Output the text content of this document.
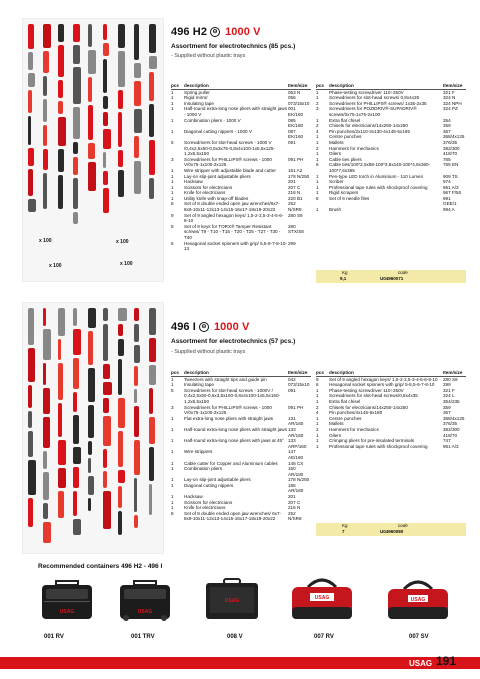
496 H2 ⊖ 1000 V
Assortment for electrotechnics (85 pcs.)
- Supplied without plastic trays
pcs	description	Item/size
1	Spring puller	053 N
1	Rigid mirror	056
1	Insulating tape	073/15x10
1	Half-round extra-long nose pliers with straight jaws - 1000 V	001 EK/160
1	Combination pliers - 1000 V	085 EK/180
1	Diagonal cutting nippers - 1000 V	087 EK/160
5	Screwdrivers for slot-head screws - 1000 V /0,4x2,5x50-0,5x3x75-0,8x4x100-1x5,5x125-1,2x6,5x150	091
3	Screwdrivers for PHILLIPS® screws - 1000 V/0x75-1x100-2x125	091 PH
1	Wire stripper with adjustable blade and cutter	161 A2
1	Lay-on slip-joint adjustable pliers	178 N/250
1	Hacksaw	201
1	Scissors for electricians	207 C
1	Knife for electricians	216 N
1	Utility knife with snap-off blades	220 B1
8	Set of 8 double ended open jaw wrenches/6x7-8x9-10x11-12x13-14x15-16x17-18x19-20x22	252 N/SR8
9	Set of 9 angled hexagon keys/ 1,5-2-2,5-3-4-5-6-8-10	280 S9
8	Set of 8 keys for TORX® Tamper Resistant screws/ T9 - T10 - T15 - T20 - T25 - T27 - T30 - T40	280 STX/S8
6	Hexagonal socket spinners with grip/ 5,5-6-7-8-10-13	299
pcs	description	Item/size
1	Phase-testing screwdriver 110÷250V	321 F
1	Screwdrivers for slot-head screws/ 0,8x4x35	324 N
2	Screwdrivers for PHILLIPS® screws/ 1x35-2x35	324 NPH
3	Screwdrivers for POZIDRIV®-SUPADRIV® screws/0x75-1x75-2x100	324 PZ
1	Extra flat chisel	354
2	Chisels for electricians/14x250-14x250	359
4	Pin punches/2x110-3x130-4x145-5x165	367
1	Centre punches	368/4x125
1	Mallets	376/35
2	Hammers for mechanics	382/300
1	Oilers	418/70
1	Cable ties pliers	765
6	Cable ties/100*2,5x88-100*3,6x140-100*4,8x360-100*7,6x365	765 EN
1	Pen-type LED torch in Aluminium - 110 Lumen	909 TS
1	Scriber	974
1	Professional tape rules with shockproof covering	961 A/3
1	Rigid scrapers	967 F/50
6	Set of 6 needle files	991 GEE/1
1	Brush	994 A
Kg	code
9,1	U04960071
x 100	x 100
x 100	x 100
496 I ⊖ 1000 V
Assortment for electrotechnics (57 pcs.)
- Supplied without plastic trays
pcs	description	Item/size
1	Tweezers with straight tips and guide pin	042
1	Insulating tape	073/15x10
5	Screwdrivers for slot-head screws - 1000V / 0,4x2,5x50-0,6x3,5x100-0,8x4x100-1x5,5x150-1,2x6,5x150	091
3	Screwdrivers for PHILLIPS® screws - 1000 V/0x75-1x100-2x125	091 PH
1	Flat extra-long nose pliers with straight jaws	131 AR/160
1	Half-round extra-long nose pliers with straight jaws	133 AR/160
1	Half-round extra-long nose pliers with jaws at 45°	133 ARP/160
1	Wire strippers	147 AE/160
1	Cable cutter for Copper and Aluminium cables	148 CX
1	Combination pliers	150 AR/180
1	Lay-on slip-joint adjustable pliers	178 N/250
1	Diagonal cutting nippers	185 AR/160
1	Hacksaw	201
1	Scissors for electricians	207 C
1	Knife for electricians	216 N
8	Set of 8 double ended open jaw wrenches/ 6x7-8x9-10x11-12x13-14x15-16x17-18x19-20x22	252 N/SR8
pcs	description	Item/size
9	Set of 9 angled hexagon keys/ 1,5-2-2,5-3-4-5-6-8-10	280 S9
6	Hexagonal socket spinners with grip/ 5-5,5-6-7-8-10	299
1	Phase-testing screwdriver 110÷250V	321 F
1	Screwdrivers for slot-head screws/0,8x4x35	324 L
1	Extra flat chisel	354/235
2	Chisels for electricians/14x250-14x250	359
4	Pin punches/4x145-6x180	367
1	Centre punches	368/4x125
1	Mallets	376/35
2	Hammers for mechanics	382/300
1	Oilers	418/70
1	Crimping pliers for pre-insulated terminals	747
1	Professional tape rules with shockproof covering	961 A/3
Kg	code
7	U04960080
Recommended containers 496 H2 - 496 I
USAG	USAG
USAG	USAG	USAG
001 RV	001 TRV	008 V	007 RV	007 SV
USAG 191
